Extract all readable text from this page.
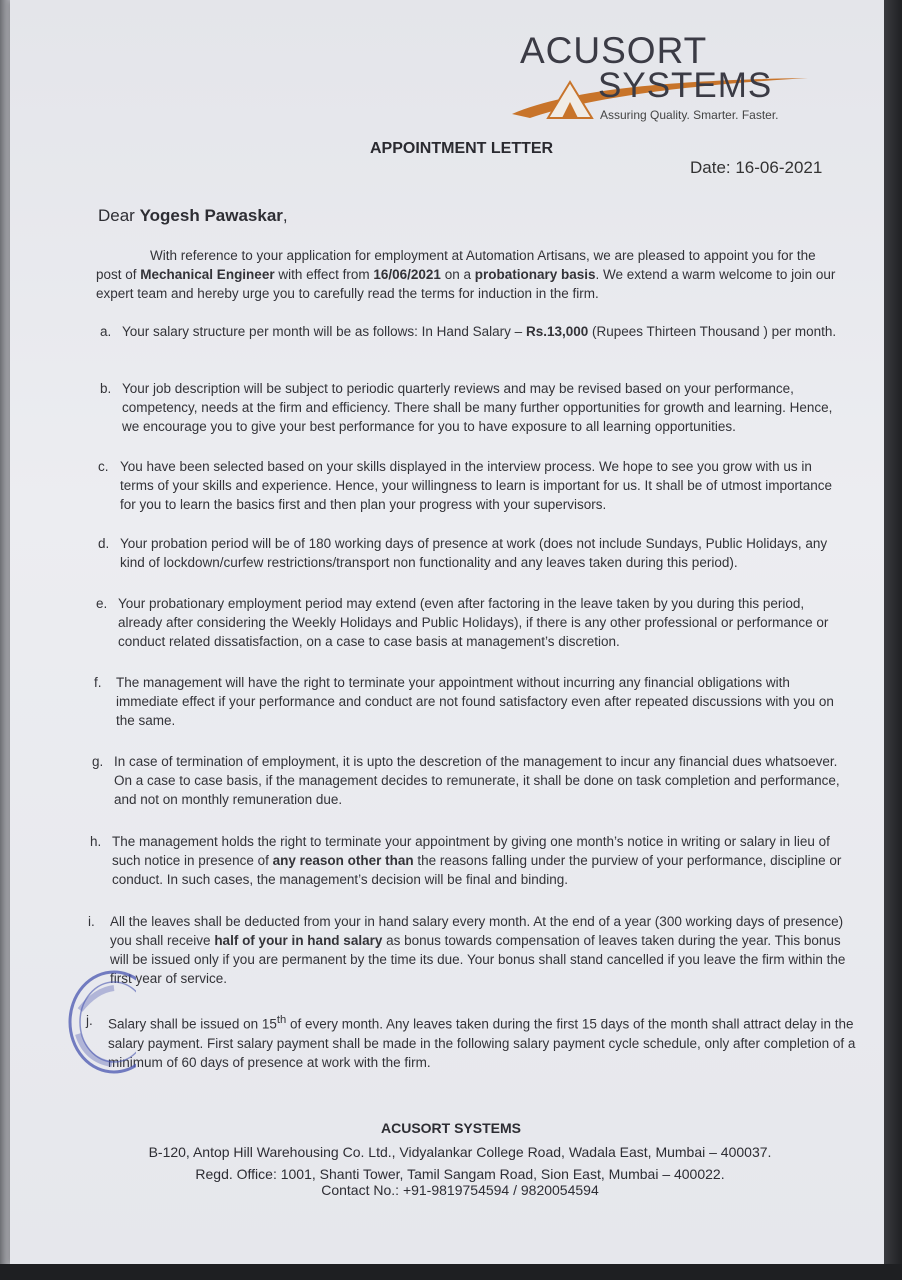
ACUSORT
SYSTEMS
Assuring Quality. Smarter. Faster.
APPOINTMENT LETTER
Date: 16-06-2021
Dear Yogesh Pawaskar,
With reference to your application for employment at Automation Artisans, we are pleased to appoint you for the post of Mechanical Engineer with effect from 16/06/2021 on a probationary basis. We extend a warm welcome to join our expert team and hereby urge you to carefully read the terms for induction in the firm.
a. Your salary structure per month will be as follows: In Hand Salary – Rs.13,000 (Rupees Thirteen Thousand ) per month.
b. Your job description will be subject to periodic quarterly reviews and may be revised based on your performance, competency, needs at the firm and efficiency. There shall be many further opportunities for growth and learning. Hence, we encourage you to give your best performance for you to have exposure to all learning opportunities.
c. You have been selected based on your skills displayed in the interview process. We hope to see you grow with us in terms of your skills and experience. Hence, your willingness to learn is important for us. It shall be of utmost importance for you to learn the basics first and then plan your progress with your supervisors.
d. Your probation period will be of 180 working days of presence at work (does not include Sundays, Public Holidays, any kind of lockdown/curfew restrictions/transport non functionality and any leaves taken during this period).
e. Your probationary employment period may extend (even after factoring in the leave taken by you during this period, already after considering the Weekly Holidays and Public Holidays), if there is any other professional or performance or conduct related dissatisfaction, on a case to case basis at management’s discretion.
f. The management will have the right to terminate your appointment without incurring any financial obligations with immediate effect if your performance and conduct are not found satisfactory even after repeated discussions with you on the same.
g. In case of termination of employment, it is upto the descretion of the management to incur any financial dues whatsoever. On a case to case basis, if the management decides to remunerate, it shall be done on task completion and performance, and not on monthly remuneration due.
h. The management holds the right to terminate your appointment by giving one month’s notice in writing or salary in lieu of such notice in presence of any reason other than the reasons falling under the purview of your performance, discipline or conduct. In such cases, the management’s decision will be final and binding.
i. All the leaves shall be deducted from your in hand salary every month. At the end of a year (300 working days of presence) you shall receive half of your in hand salary as bonus towards compensation of leaves taken during the year. This bonus will be issued only if you are permanent by the time its due. Your bonus shall stand cancelled if you leave the firm within the first year of service.
j. Salary shall be issued on 15th of every month. Any leaves taken during the first 15 days of the month shall attract delay in the salary payment. First salary payment shall be made in the following salary payment cycle schedule, only after completion of a minimum of 60 days of presence at work with the firm.
ACUSORT SYSTEMS
B-120, Antop Hill Warehousing Co. Ltd., Vidyalankar College Road, Wadala East, Mumbai – 400037.
Regd. Office: 1001, Shanti Tower, Tamil Sangam Road, Sion East, Mumbai – 400022.
Contact No.: +91-9819754594 / 9820054594
